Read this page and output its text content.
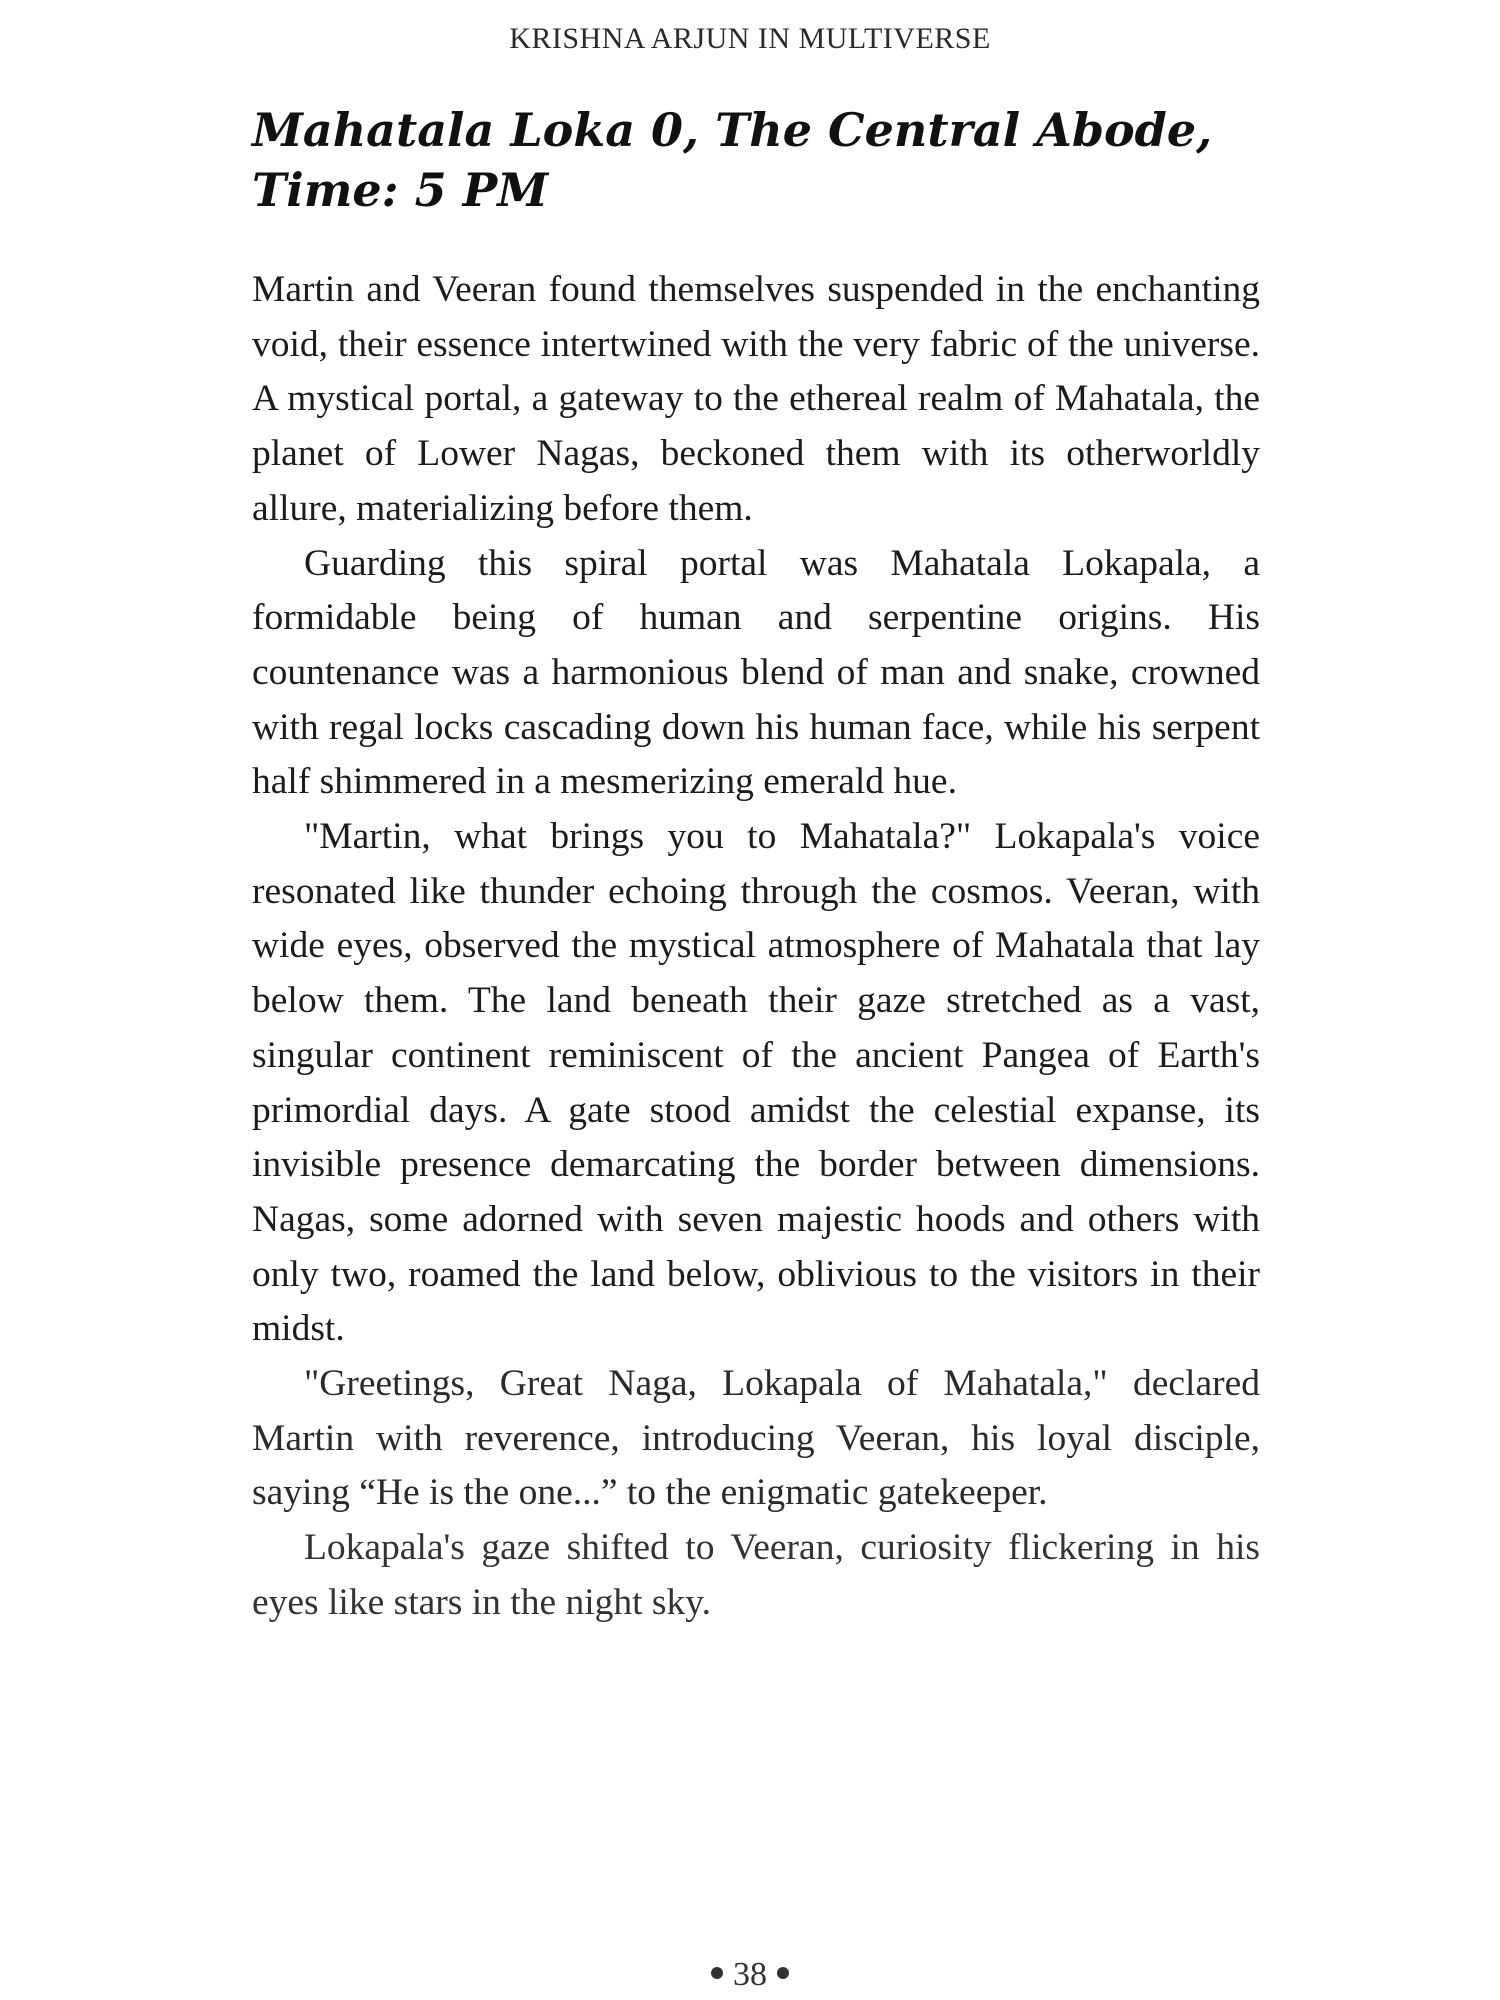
KRISHNA ARJUN IN MULTIVERSE
Mahatala Loka 0, The Central Abode, Time: 5 PM

Martin and Veeran found themselves suspended in the enchanting void, their essence intertwined with the very fabric of the universe. A mystical portal, a gateway to the ethereal realm of Mahatala, the planet of Lower Nagas, beckoned them with its otherworldly allure, materializing before them.

Guarding this spiral portal was Mahatala Lokapala, a formidable being of human and serpentine origins. His countenance was a harmonious blend of man and snake, crowned with regal locks cascading down his human face, while his serpent half shimmered in a mesmerizing emerald hue.

"Martin, what brings you to Mahatala?" Lokapala's voice resonated like thunder echoing through the cosmos. Veeran, with wide eyes, observed the mystical atmosphere of Mahatala that lay below them. The land beneath their gaze stretched as a vast, singular continent reminiscent of the ancient Pangea of Earth's primordial days. A gate stood amidst the celestial expanse, its invisible presence demarcating the border between dimensions. Nagas, some adorned with seven majestic hoods and others with only two, roamed the land below, oblivious to the visitors in their midst.

"Greetings, Great Naga, Lokapala of Mahatala," declared Martin with reverence, introducing Veeran, his loyal disciple, saying “He is the one...” to the enigmatic gatekeeper.

Lokapala's gaze shifted to Veeran, curiosity flickering in his eyes like stars in the night sky.

38
